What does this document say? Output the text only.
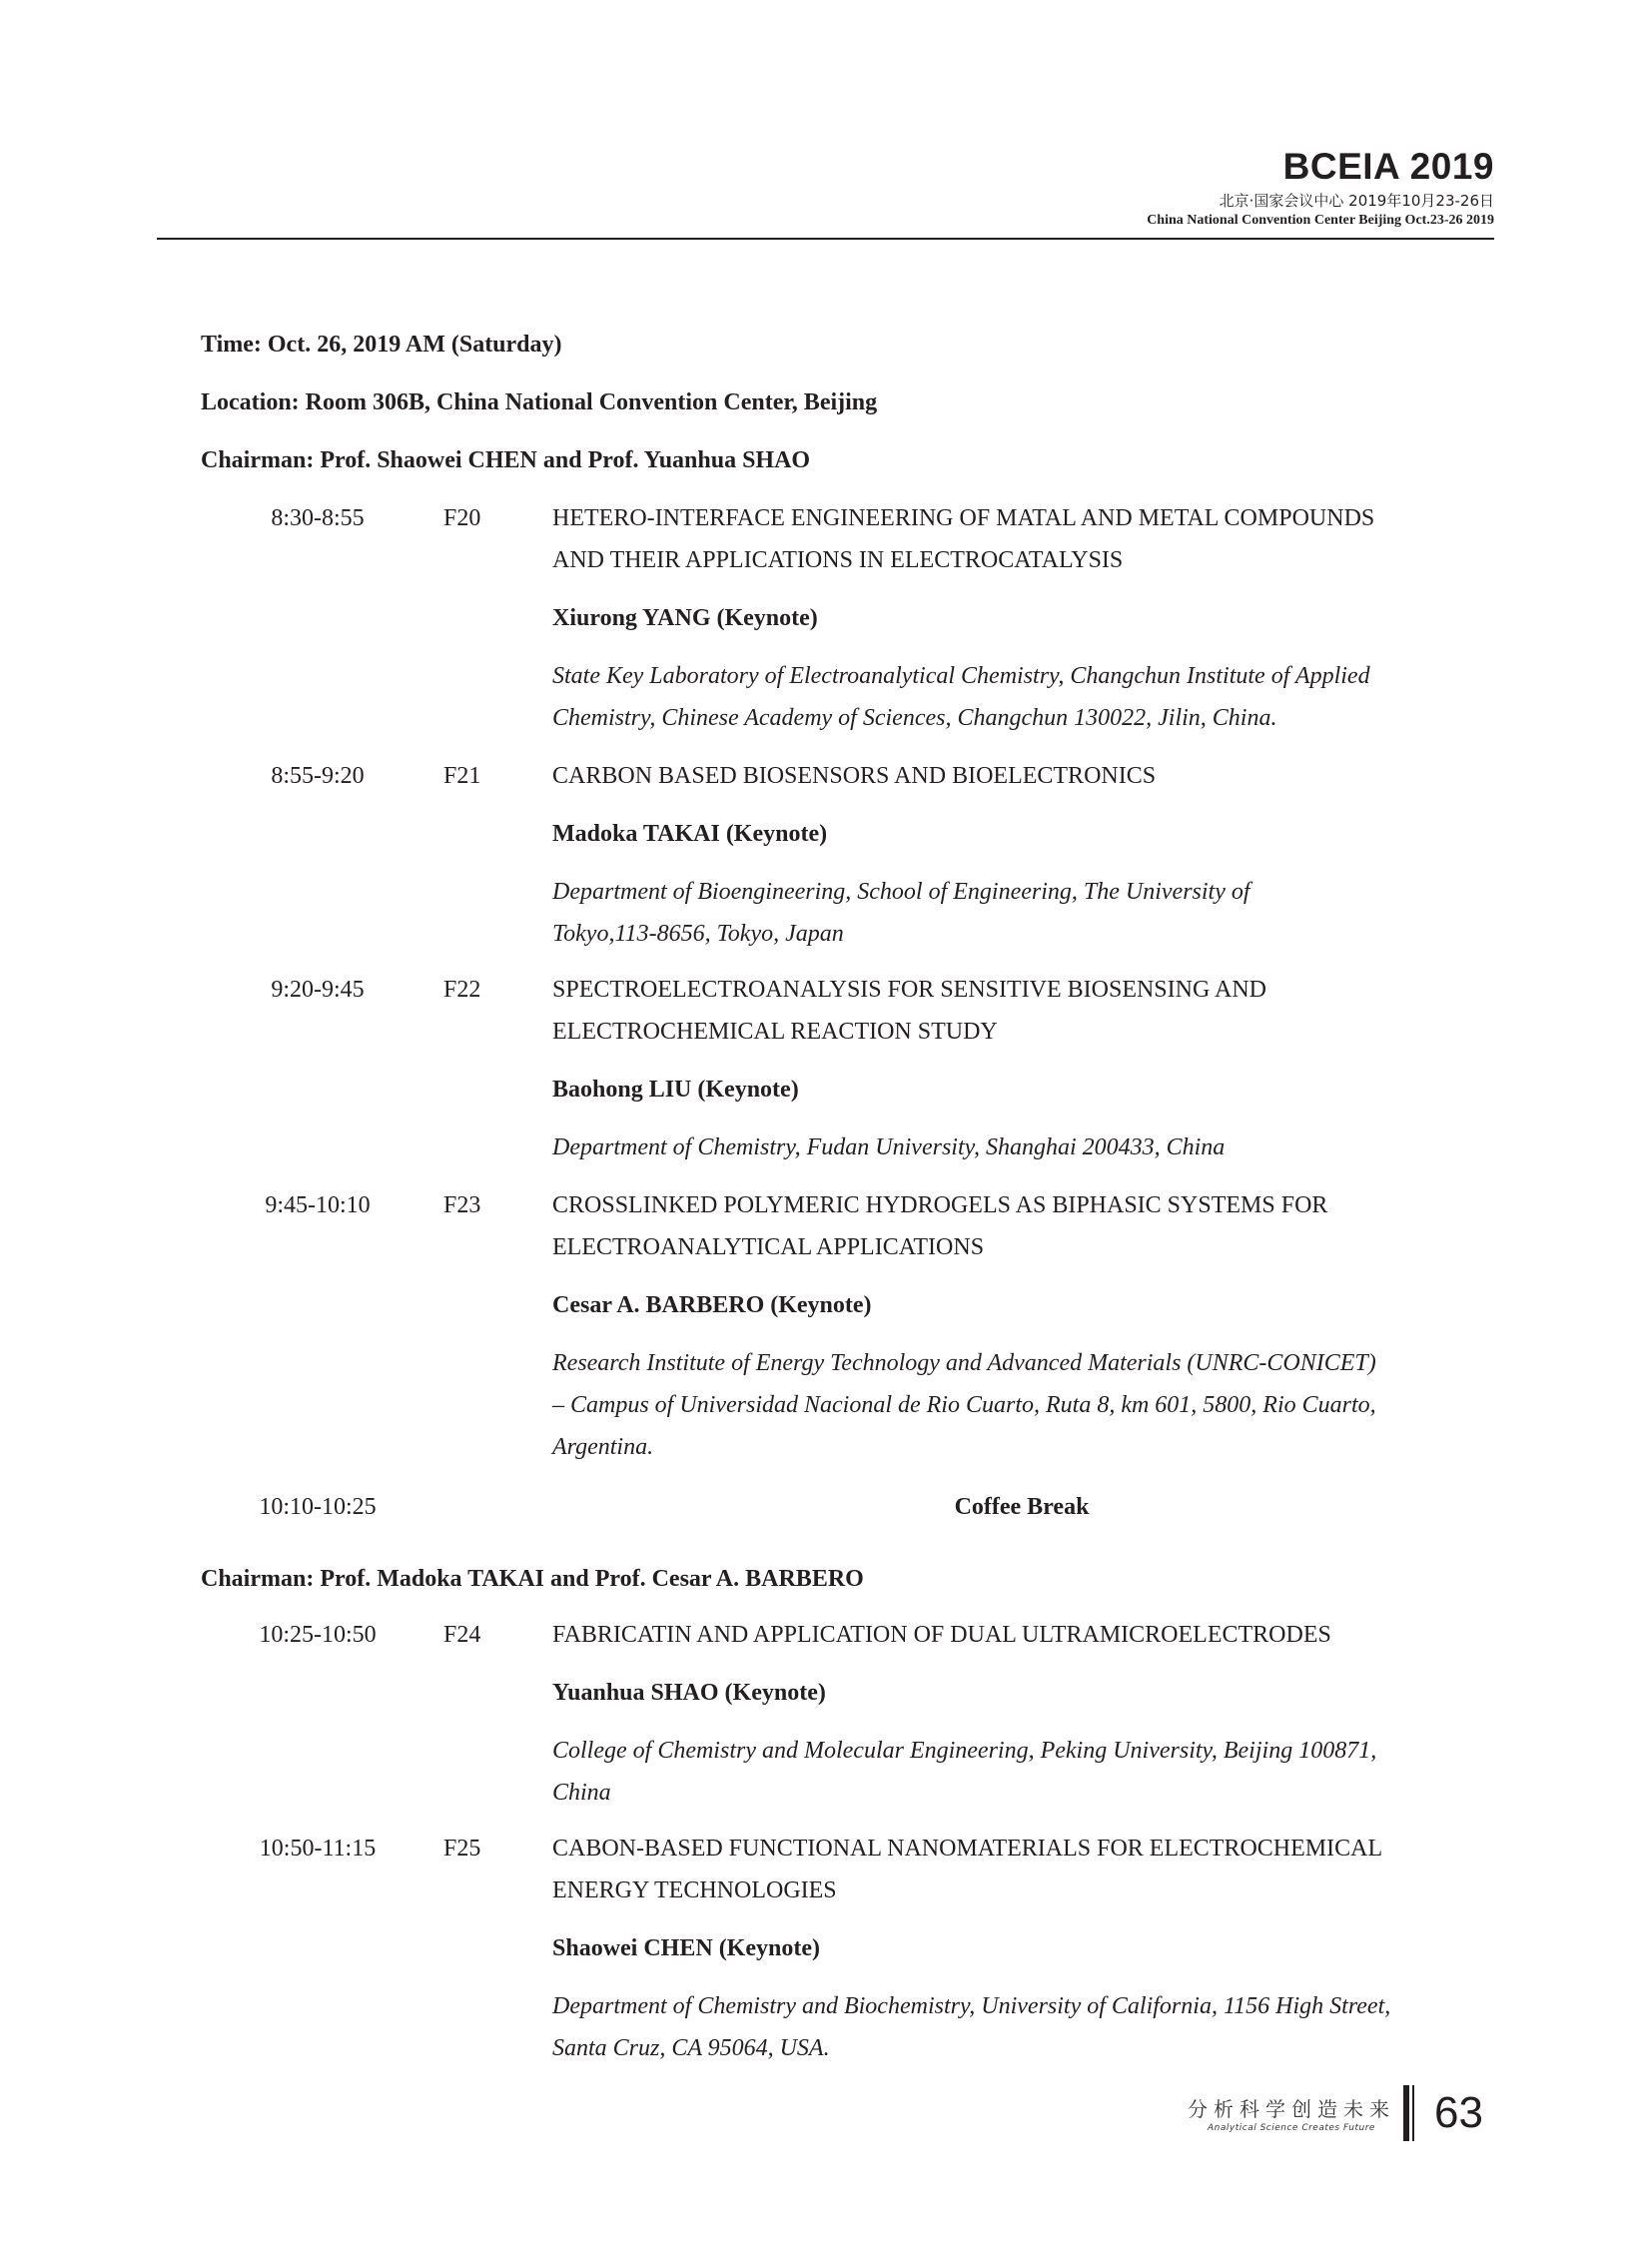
BCEIA 2019
北京·国家会议中心 2019年10月23-26日
China National Convention Center Beijing Oct.23-26 2019
Time: Oct. 26, 2019 AM (Saturday)
Location: Room 306B, China National Convention Center, Beijing
Chairman: Prof. Shaowei CHEN and Prof. Yuanhua SHAO
8:30-8:55	F20	HETERO-INTERFACE ENGINEERING OF MATAL AND METAL COMPOUNDS
AND THEIR APPLICATIONS IN ELECTROCATALYSIS
Xiurong YANG (Keynote)
State Key Laboratory of Electroanalytical Chemistry, Changchun Institute of Applied
Chemistry, Chinese Academy of Sciences, Changchun 130022, Jilin, China.
8:55-9:20	F21	CARBON BASED BIOSENSORS AND BIOELECTRONICS
Madoka TAKAI (Keynote)
Department of Bioengineering, School of Engineering, The University of
Tokyo,113-8656, Tokyo, Japan
9:20-9:45	F22	SPECTROELECTROANALYSIS FOR SENSITIVE BIOSENSING AND
ELECTROCHEMICAL REACTION STUDY
Baohong LIU (Keynote)
Department of Chemistry, Fudan University, Shanghai 200433, China
9:45-10:10	F23	CROSSLINKED POLYMERIC HYDROGELS AS BIPHASIC SYSTEMS FOR
ELECTROANALYTICAL APPLICATIONS
Cesar A. BARBERO (Keynote)
Research Institute of Energy Technology and Advanced Materials (UNRC-CONICET)
– Campus of Universidad Nacional de Rio Cuarto, Ruta 8, km 601, 5800, Rio Cuarto,
Argentina.
10:10-10:25	Coffee Break
Chairman: Prof. Madoka TAKAI and Prof. Cesar A. BARBERO
10:25-10:50	F24	FABRICATIN AND APPLICATION OF DUAL ULTRAMICROELECTRODES
Yuanhua SHAO (Keynote)
College of Chemistry and Molecular Engineering, Peking University, Beijing 100871,
China
10:50-11:15	F25	CABON-BASED FUNCTIONAL NANOMATERIALS FOR ELECTROCHEMICAL
ENERGY TECHNOLOGIES
Shaowei CHEN (Keynote)
Department of Chemistry and Biochemistry, University of California, 1156 High Street,
Santa Cruz, CA 95064, USA.
分析科学创造未来
Analytical Science Creates Future	63
